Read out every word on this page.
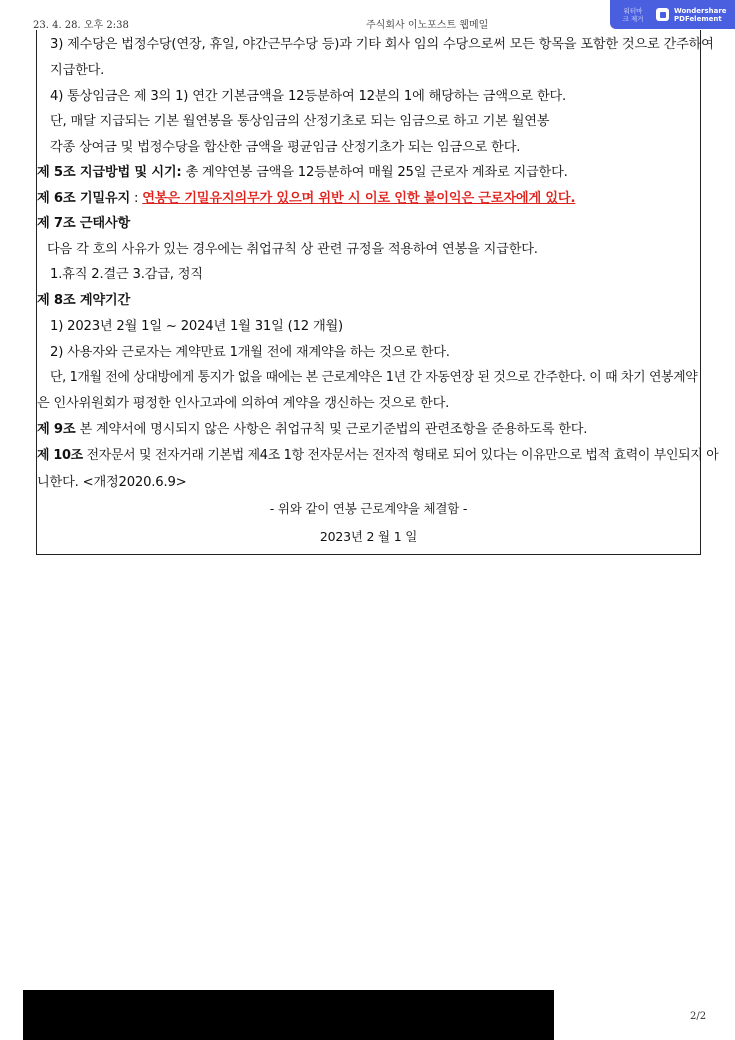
23. 4. 28. 오후 2:38	주식회사 이노포스트 웹메일
워터마
크 제거
Wondershare
PDFelement
3) 제수당은 법정수당(연장, 휴일, 야간근무수당 등)과 기타 회사 임의 수당으로써 모든 항목을 포함한 것으로 간주하여
지급한다.
4) 통상임금은 제 3의 1) 연간 기본금액을 12등분하여 12분의 1에 해당하는 금액으로 한다.
단, 매달 지급되는 기본 월연봉을 통상임금의 산정기초로 되는 임금으로 하고 기본 월연봉
각종 상여금 및 법정수당을 합산한 금액을 평균임금 산정기초가 되는 임금으로 한다.
제 5조 지급방법 및 시기: 총 계약연봉 금액을 12등분하여 매월 25일 근로자 계좌로 지급한다.
제 6조 기밀유지 : 연봉은 기밀유지의무가 있으며 위반 시 이로 인한 불이익은 근로자에게 있다.
제 7조 근태사항
다음 각 호의 사유가 있는 경우에는 취업규칙 상 관련 규정을 적용하여 연봉을 지급한다.
1.휴직 2.결근 3.감급, 정직
제 8조 계약기간
1) 2023년 2월 1일 ~ 2024년 1월 31일 (12 개월)
2) 사용자와 근로자는 계약만료 1개월 전에 재계약을 하는 것으로 한다.
단, 1개월 전에 상대방에게 통지가 없을 때에는 본 근로계약은 1년 간 자동연장 된 것으로 간주한다. 이 때 차기 연봉계약
은 인사위원회가 평정한 인사고과에 의하여 계약을 갱신하는 것으로 한다.
제 9조 본 계약서에 명시되지 않은 사항은 취업규칙 및 근로기준법의 관련조항을 준용하도록 한다.
제 10조 전자문서 및 전자거래 기본법 제4조 1항 전자문서는 전자적 형태로 되어 있다는 이유만으로 법적 효력이 부인되지 아
니한다. <개정2020.6.9>
- 위와 같이 연봉 근로계약을 체결함 -
2023년 2 월 1 일
2/2
